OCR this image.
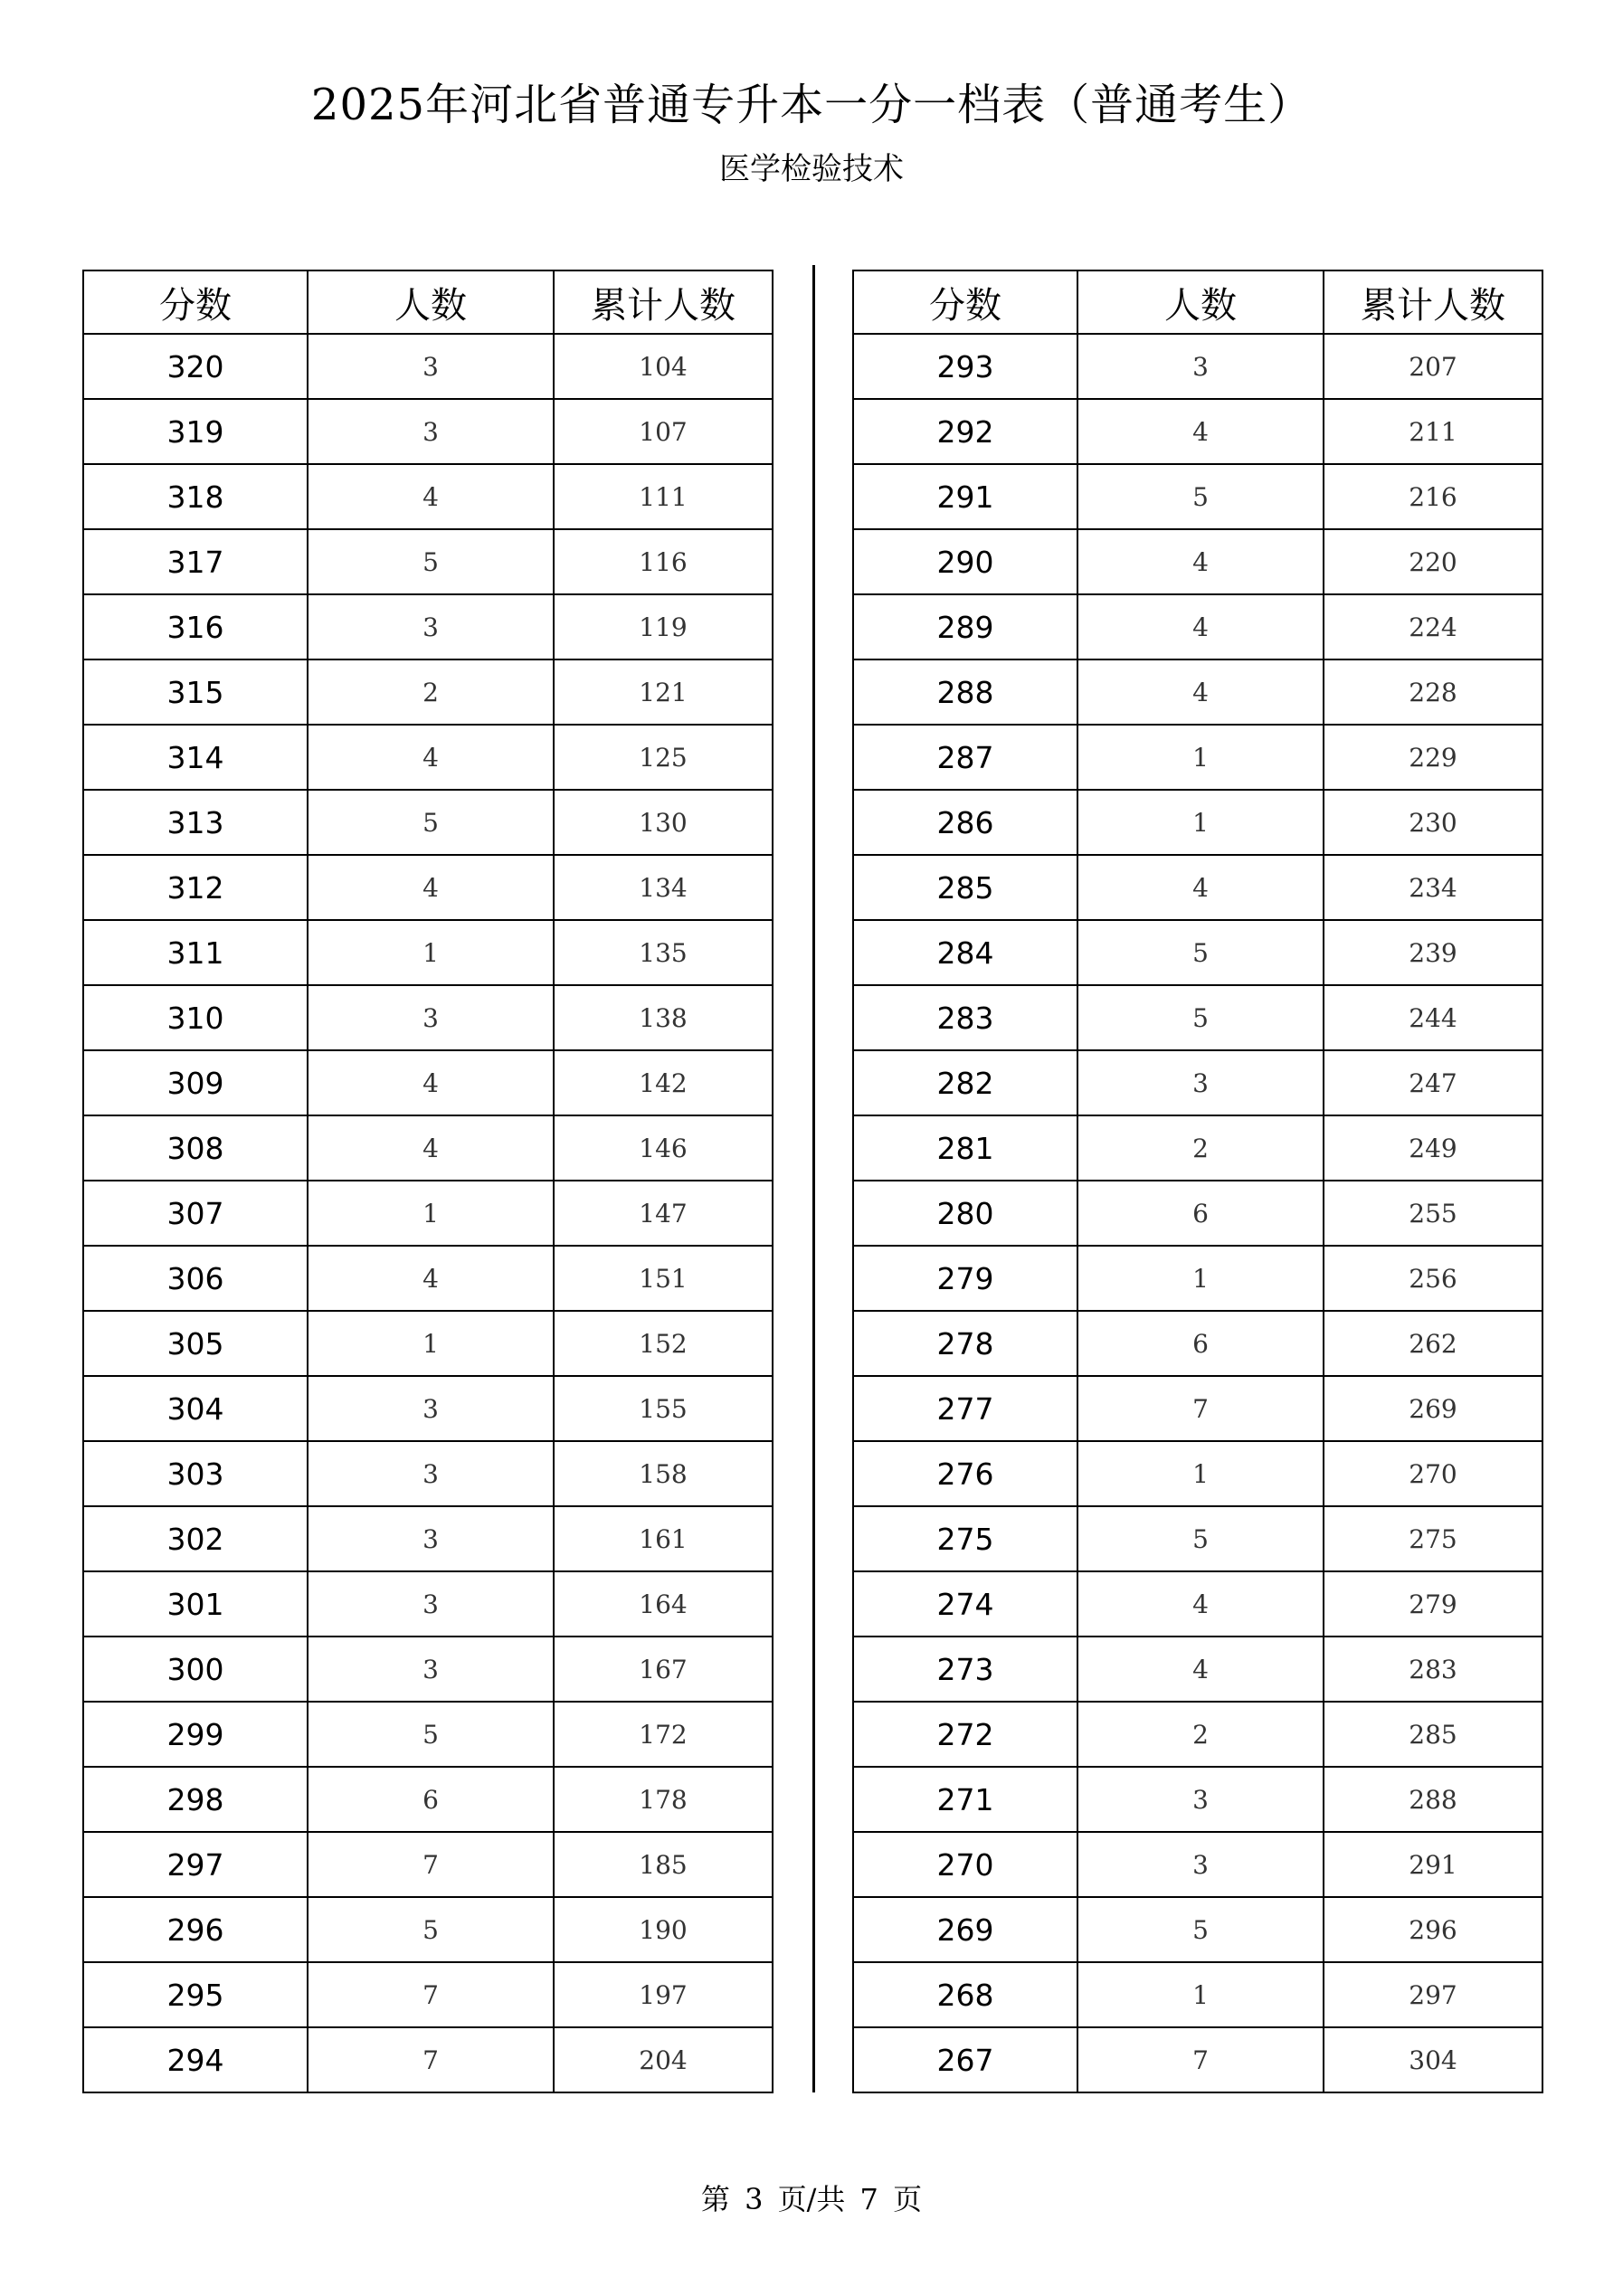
2025年河北省普通专升本一分一档表（普通考生）
医学检验技术
分数	人数	累计人数
320	3	104
319	3	107
318	4	111
317	5	116
316	3	119
315	2	121
314	4	125
313	5	130
312	4	134
311	1	135
310	3	138
309	4	142
308	4	146
307	1	147
306	4	151
305	1	152
304	3	155
303	3	158
302	3	161
301	3	164
300	3	167
299	5	172
298	6	178
297	7	185
296	5	190
295	7	197
294	7	204
分数	人数	累计人数
293	3	207
292	4	211
291	5	216
290	4	220
289	4	224
288	4	228
287	1	229
286	1	230
285	4	234
284	5	239
283	5	244
282	3	247
281	2	249
280	6	255
279	1	256
278	6	262
277	7	269
276	1	270
275	5	275
274	4	279
273	4	283
272	2	285
271	3	288
270	3	291
269	5	296
268	1	297
267	7	304
第 3 页/共 7 页
